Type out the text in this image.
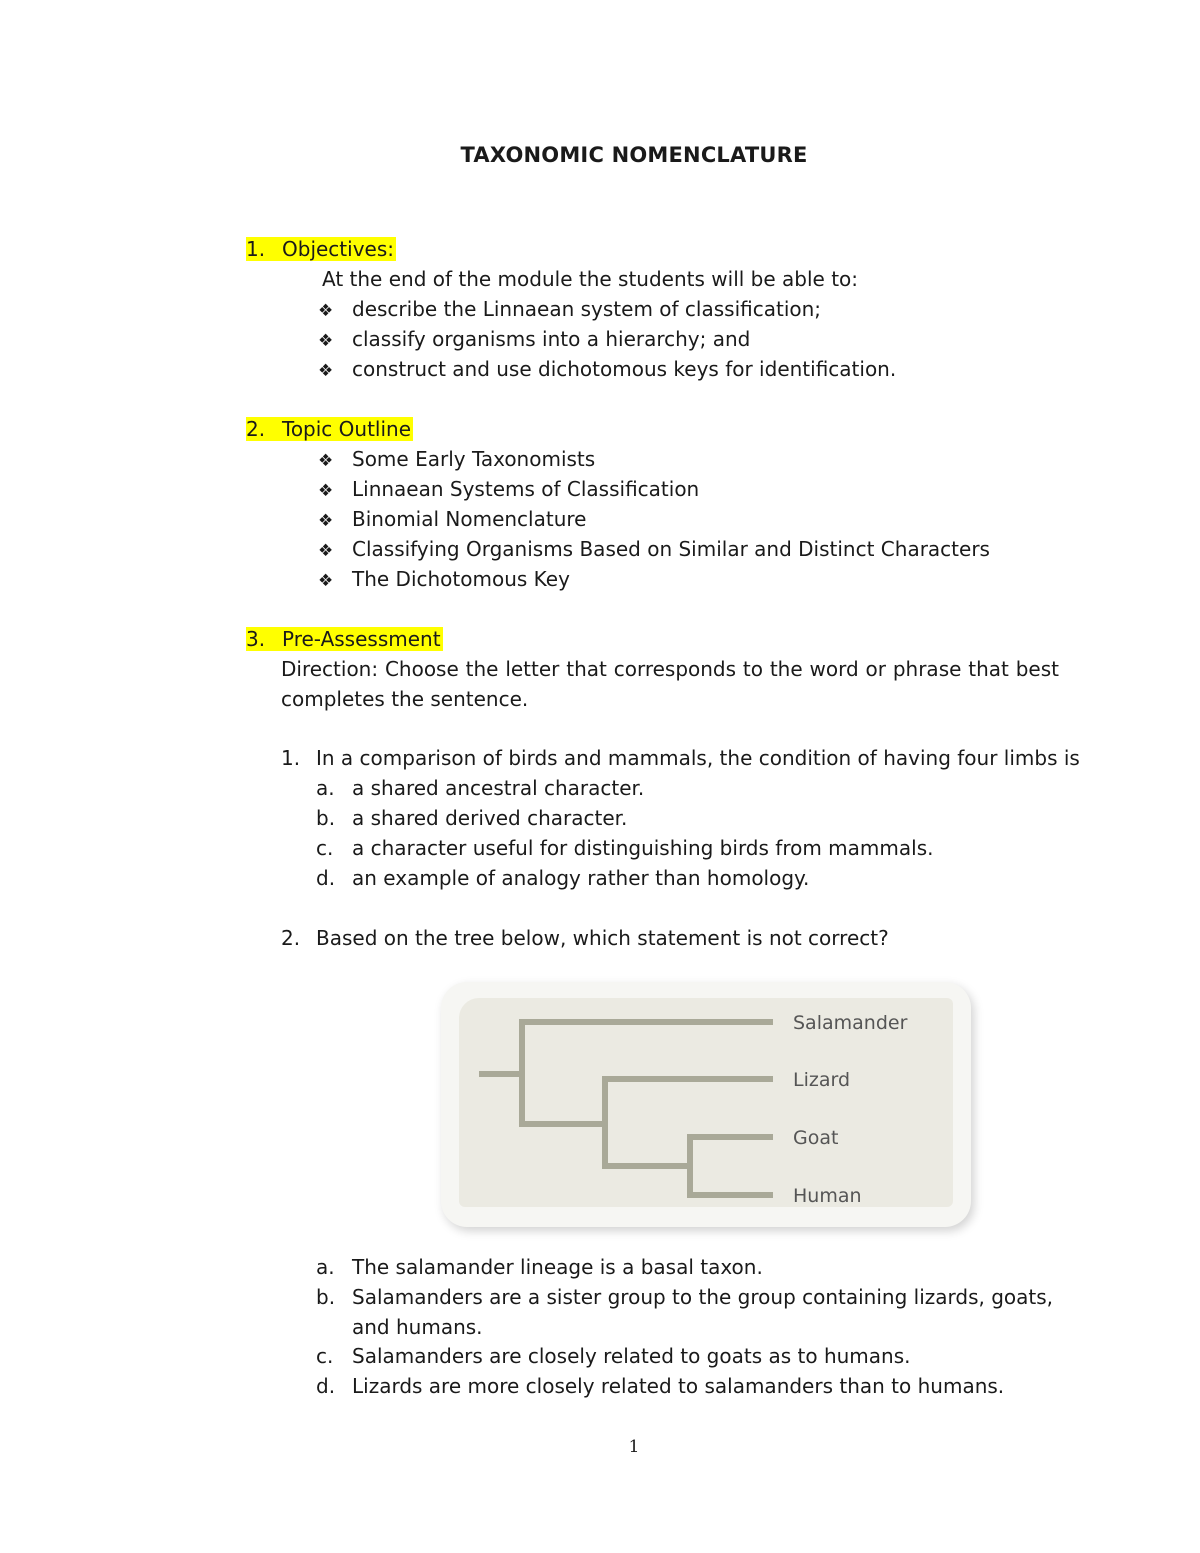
TAXONOMIC NOMENCLATURE
1. Objectives:
At the end of the module the students will be able to:
❖ describe the Linnaean system of classification;
❖ classify organisms into a hierarchy; and
❖ construct and use dichotomous keys for identification.
2. Topic Outline
❖ Some Early Taxonomists
❖ Linnaean Systems of Classification
❖ Binomial Nomenclature
❖ Classifying Organisms Based on Similar and Distinct Characters
❖ The Dichotomous Key
3. Pre-Assessment
Direction: Choose the letter that corresponds to the word or phrase that best completes the sentence.
1. In a comparison of birds and mammals, the condition of having four limbs is
a. a shared ancestral character.
b. a shared derived character.
c. a character useful for distinguishing birds from mammals.
d. an example of analogy rather than homology.
2. Based on the tree below, which statement is not correct?
Salamander
Lizard
Goat
Human
a. The salamander lineage is a basal taxon.
b. Salamanders are a sister group to the group containing lizards, goats, and humans.
c. Salamanders are closely related to goats as to humans.
d. Lizards are more closely related to salamanders than to humans.
1
